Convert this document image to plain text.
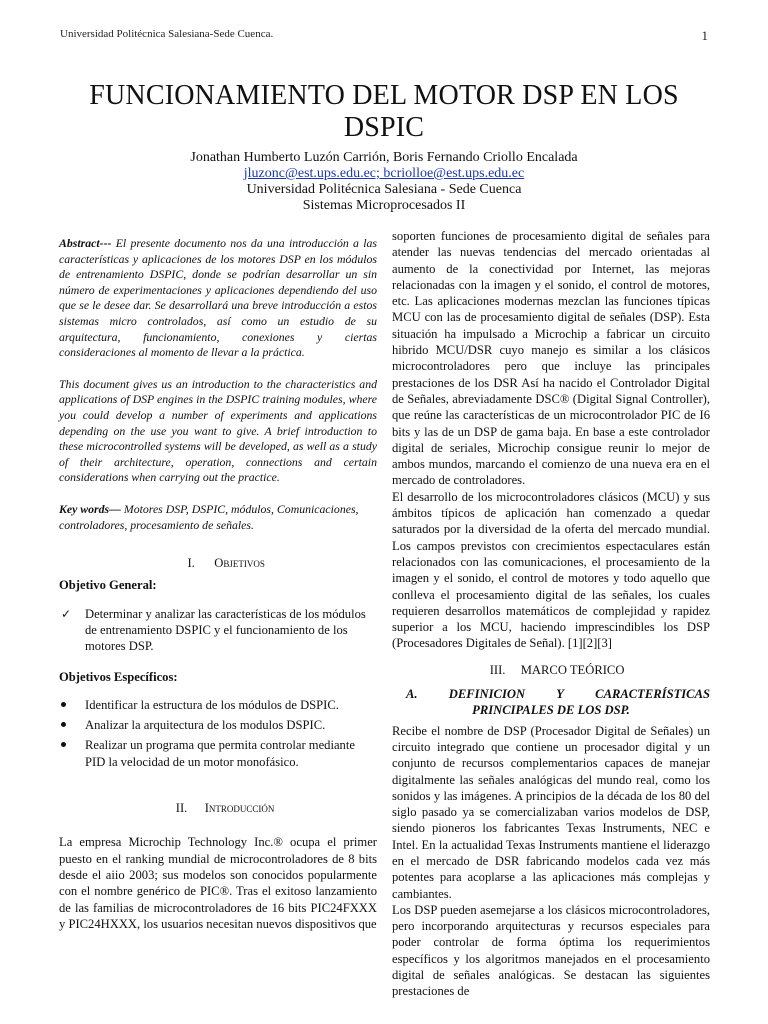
Universidad Politécnica Salesiana-Sede Cuenca.	1
FUNCIONAMIENTO DEL MOTOR DSP EN LOS DSPIC

Jonathan Humberto Luzón Carrión, Boris Fernando Criollo Encalada

jluzonc@est.ups.edu.ec; bcriolloe@est.ups.edu.ec

Universidad Politécnica Salesiana - Sede Cuenca

Sistemas Microprocesados II

Abstract--- El presente documento nos da una introducción a las características y aplicaciones de los motores DSP en los módulos de entrenamiento DSPIC, donde se podrían desarrollar un sin número de experimentaciones y aplicaciones dependiendo del uso que se le desee dar. Se desarrollará una breve introducción a estos sistemas micro controlados, así como un estudio de su arquitectura, funcionamiento, conexiones y ciertas consideraciones al momento de llevar a la práctica.

This document gives us an introduction to the characteristics and applications of DSP engines in the DSPIC training modules, where you could develop a number of experiments and applications depending on the use you want to give. A brief introduction to these microcontrolled systems will be developed, as well as a study of their architecture, operation, connections and certain considerations when carrying out the practice.

Key words— Motores DSP, DSPIC, módulos, Comunicaciones, controladores, procesamiento de señales.

I. Objetivos
Objetivo General:
✓ Determinar y analizar las características de los módulos de entrenamiento DSPIC y el funcionamiento de los motores DSP.
Objetivos Específicos:
Identificar la estructura de los módulos de DSPIC.
Analizar la arquitectura de los modulos DSPIC.
Realizar un programa que permita controlar mediante PID la velocidad de un motor monofásico.
II. Introducción

La empresa Microchip Technology Inc.® ocupa el primer puesto en el ranking mundial de microcontroladores de 8 bits desde el aiio 2003; sus modelos son conocidos popularmente con el nombre genérico de PIC®. Tras el exitoso lanzamiento de las familias de microcontroladores de 16 bits PIC24FXXX y PIC24HXXX, los usuarios necesitan nuevos dispositivos que

soporten funciones de procesamiento digital de señales para atender las nuevas tendencias del mercado orientadas al aumento de la conectividad por Internet, las mejoras relacionadas con la imagen y el sonido, el control de motores, etc. Las aplicaciones modernas mezclan las funciones típicas MCU con las de procesamiento digital de señales (DSP). Esta situación ha impulsado a Microchip a fabricar un circuito hibrido MCU/DSR cuyo manejo es similar a los clásicos microcontroladores pero que incluye las principales prestaciones de los DSR Así ha nacido el Controlador Digital de Señales, abreviadamente DSC® (Digital Signal Controller), que reúne las características de un microcontrolador PIC de I6 bits y las de un DSP de gama baja. En base a este controlador digital de seriales, Microchip consigue reunir lo mejor de ambos mundos, marcando el comienzo de una nueva era en el mercado de controladores.

El desarrollo de los microcontroladores clásicos (MCU) y sus ámbitos típicos de aplicación han comenzado a quedar saturados por la diversidad de la oferta del mercado mundial. Los campos previstos con crecimientos espectaculares están relacionados con las comunicaciones, el procesamiento de la imagen y el sonido, el control de motores y todo aquello que conlleva el procesamiento digital de las señales, los cuales requieren desarrollos matemáticos de complejidad y rapidez superior a los MCU, haciendo imprescindibles los DSP (Procesadores Digitales de Señal). [1][2][3]

III. MARCO TEÓRICO
A. DEFINICION Y CARACTERÍSTICAS
PRINCIPALES DE LOS DSP.

Recibe el nombre de DSP (Procesador Digital de Señales) un circuito integrado que contiene un procesador digital y un conjunto de recursos complementarios capaces de manejar digitalmente las señales analógicas del mundo real, como los sonidos y las imágenes. A principios de la década de los 80 del siglo pasado ya se comercializaban varios modelos de DSP, siendo pioneros los fabricantes Texas Instruments, NEC e Intel. En la actualidad Texas Instruments mantiene el liderazgo en el mercado de DSR fabricando modelos cada vez más potentes para acoplarse a las aplicaciones más complejas y cambiantes.

Los DSP pueden asemejarse a los clásicos microcontroladores, pero incorporando arquitecturas y recursos especiales para poder controlar de forma óptima los requerimientos específicos y los algoritmos manejados en el procesamiento digital de señales analógicas. Se destacan las siguientes prestaciones de
